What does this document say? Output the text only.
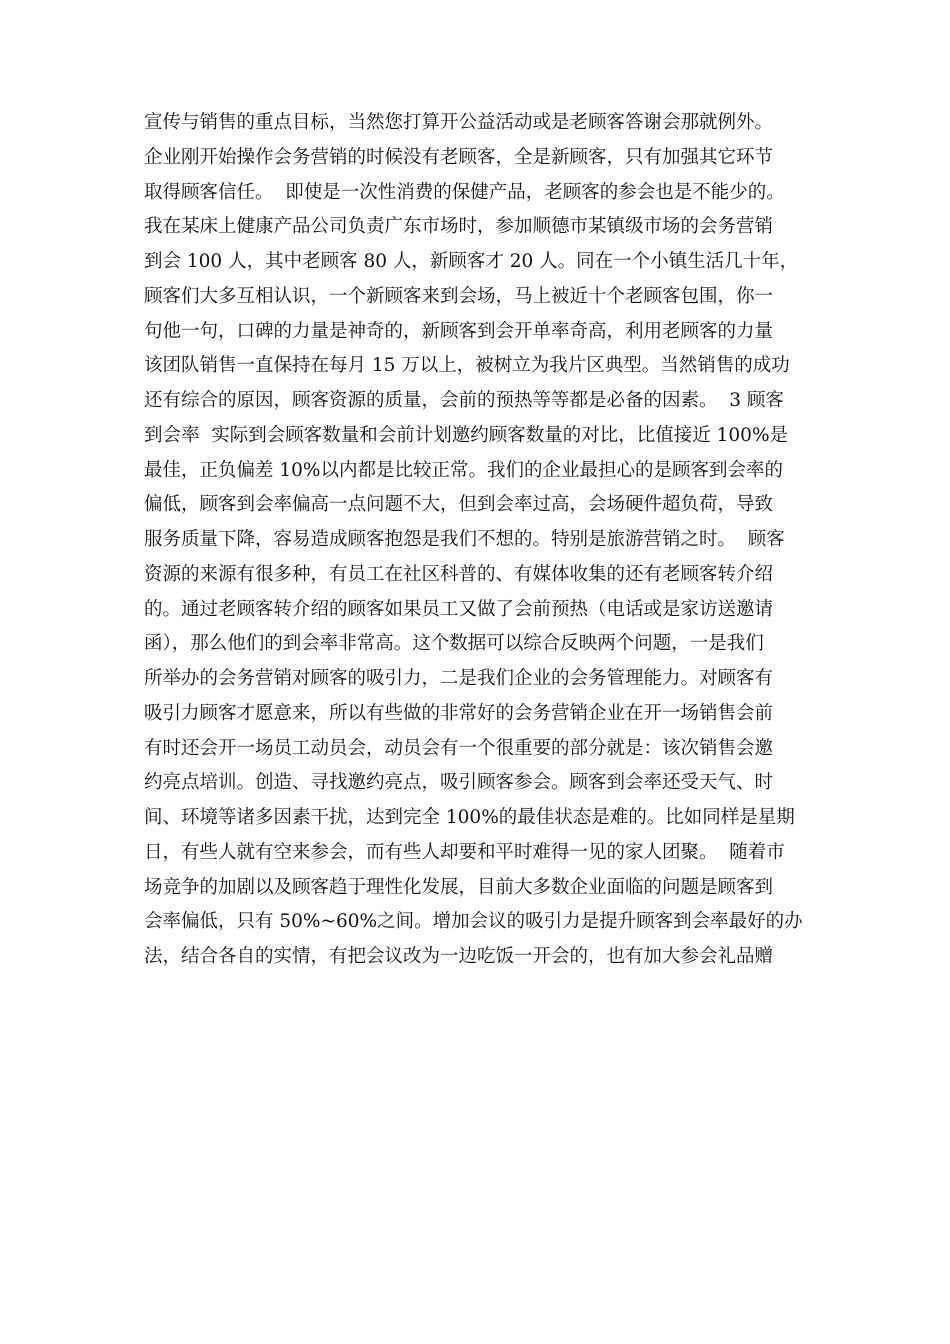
宣传与销售的重点目标，当然您打算开公益活动或是老顾客答谢会那就例外。
企业刚开始操作会务营销的时候没有老顾客，全是新顾客，只有加强其它环节
取得顾客信任。  即使是一次性消费的保健产品，老顾客的参会也是不能少的。
我在某床上健康产品公司负责广东市场时，参加顺德市某镇级市场的会务营销
到会 100 人，其中老顾客 80 人，新顾客才 20 人。同在一个小镇生活几十年，
顾客们大多互相认识，一个新顾客来到会场，马上被近十个老顾客包围，你一
句他一句，口碑的力量是神奇的，新顾客到会开单率奇高，利用老顾客的力量
该团队销售一直保持在每月 15 万以上，被树立为我片区典型。当然销售的成功
还有综合的原因，顾客资源的质量，会前的预热等等都是必备的因素。  3 顾客
到会率  实际到会顾客数量和会前计划邀约顾客数量的对比，比值接近 100%是
最佳，正负偏差 10%以内都是比较正常。我们的企业最担心的是顾客到会率的
偏低，顾客到会率偏高一点问题不大，但到会率过高，会场硬件超负荷，导致
服务质量下降，容易造成顾客抱怨是我们不想的。特别是旅游营销之时。  顾客
资源的来源有很多种，有员工在社区科普的、有媒体收集的还有老顾客转介绍
的。通过老顾客转介绍的顾客如果员工又做了会前预热（电话或是家访送邀请
函），那么他们的到会率非常高。这个数据可以综合反映两个问题，一是我们
所举办的会务营销对顾客的吸引力，二是我们企业的会务管理能力。对顾客有
吸引力顾客才愿意来，所以有些做的非常好的会务营销企业在开一场销售会前
有时还会开一场员工动员会，动员会有一个很重要的部分就是：该次销售会邀
约亮点培训。创造、寻找邀约亮点，吸引顾客参会。顾客到会率还受天气、时
间、环境等诸多因素干扰，达到完全 100%的最佳状态是难的。比如同样是星期
日，有些人就有空来参会，而有些人却要和平时难得一见的家人团聚。  随着市
场竞争的加剧以及顾客趋于理性化发展，目前大多数企业面临的问题是顾客到
会率偏低，只有 50%~60%之间。增加会议的吸引力是提升顾客到会率最好的办
法，结合各自的实情，有把会议改为一边吃饭一开会的，也有加大参会礼品赠
